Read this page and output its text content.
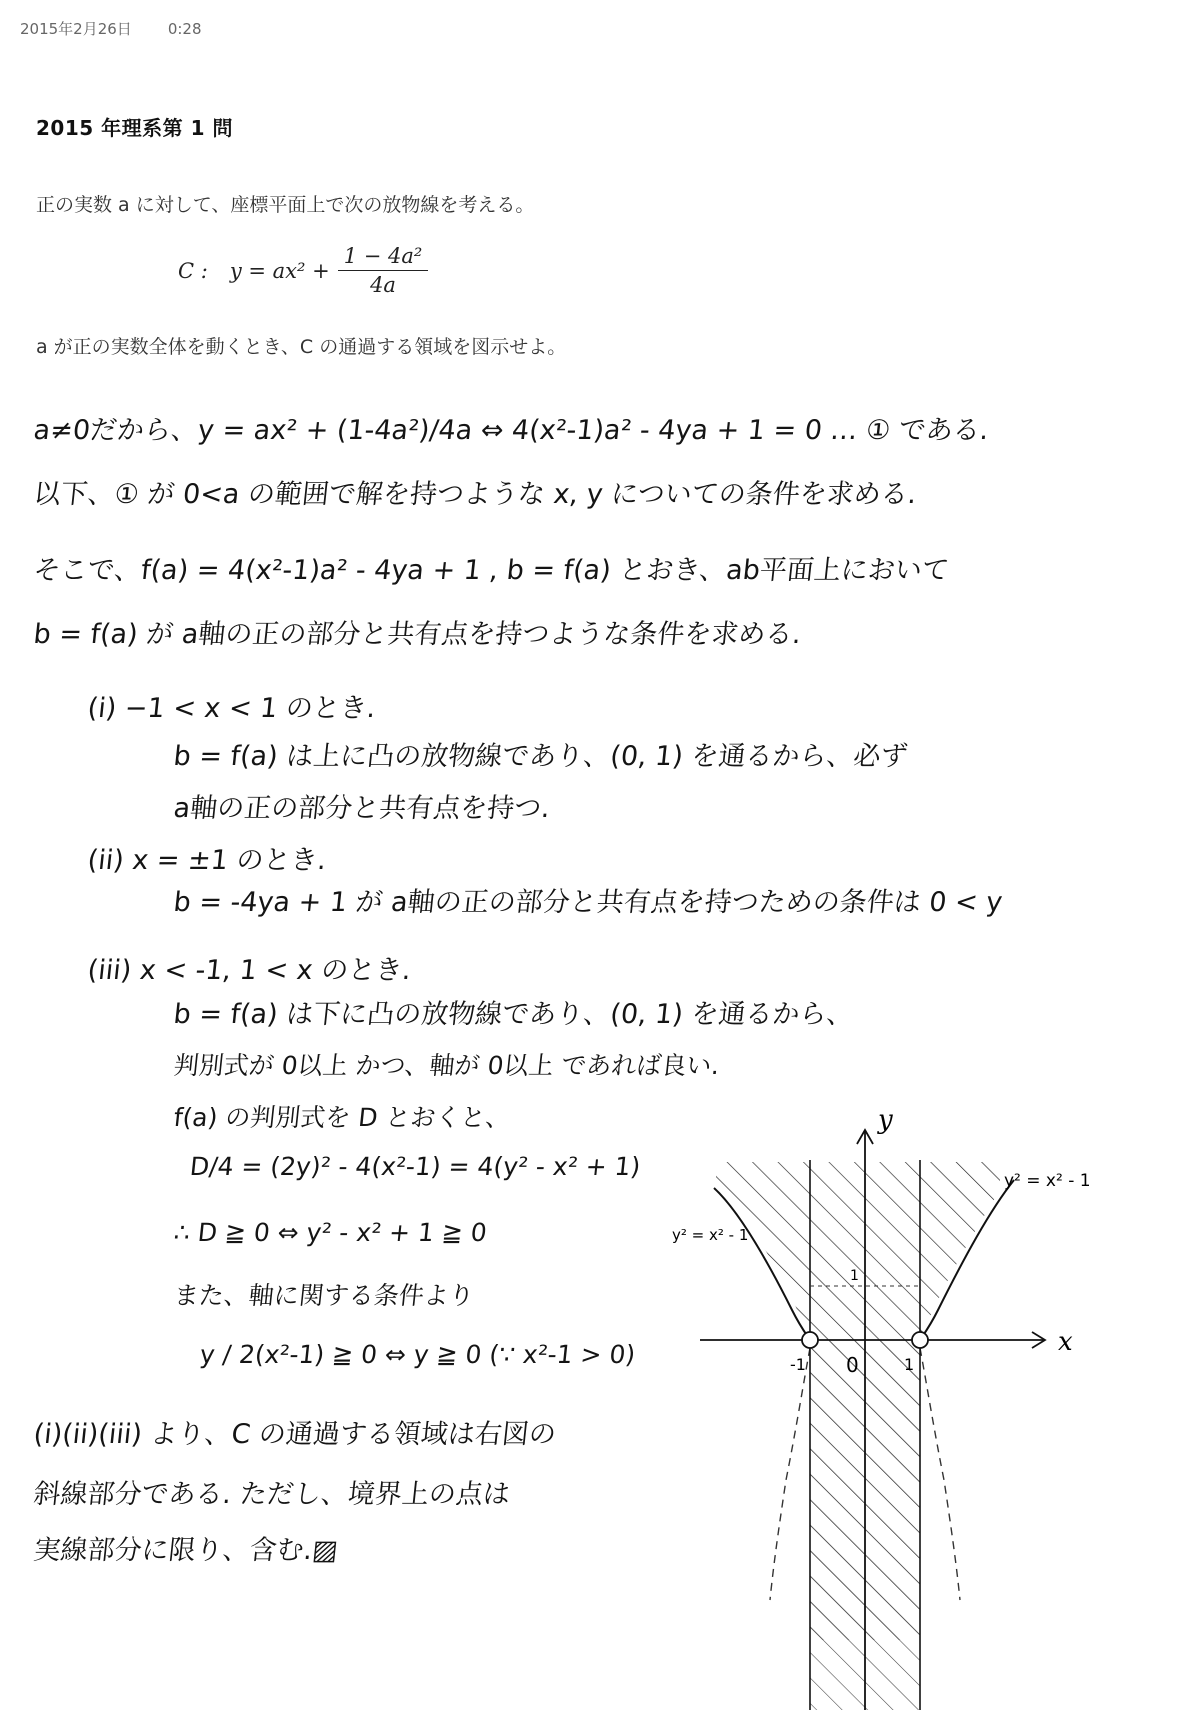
2015年2月26日 0:28
2015 年理系第 1 問
正の実数 a に対して、座標平面上で次の放物線を考える。
C : $y = ax^2 + \frac{\text{1 − 4a²}}{4a}$
a が正の実数全体を動くとき、C の通過する領域を図示せよ。
a≠0だから、y = ax² + (1-4a²)/4a ⇔ 4(x²-1)a² - 4ya + 1 = 0 … ① である.
以下、① が 0<a の範囲で解を持つような x, y についての条件を求める.
そこで、f(a) = 4(x²-1)a² - 4ya + 1 , b = f(a) とおき、ab平面上において
b = f(a) が a軸の正の部分と共有点を持つような条件を求める.
(i) −1 < x < 1 のとき.
b = f(a) は上に凸の放物線であり、(0, 1) を通るから、必ず
a軸の正の部分と共有点を持つ.
(ii) x = ±1 のとき.
b = -4ya + 1 が a軸の正の部分と共有点を持つための条件は 0 < y
(iii) x < -1, 1 < x のとき.
b = f(a) は下に凸の放物線であり、(0, 1) を通るから、
判別式が 0以上 かつ、軸が 0以上 であれば良い.
f(a) の判別式を D とおくと、
D/4 = (2y)² - 4(x²-1) = 4(y² - x² + 1)
∴ D ≧ 0 ⇔ y² - x² + 1 ≧ 0
また、軸に関する条件より
y / 2(x²-1) ≧ 0 ⇔ y ≧ 0 (∵ x²-1 > 0)
(i)(ii)(iii) より、C の通過する領域は右図の
斜線部分である. ただし、境界上の点は
実線部分に限り、含む.▨
y
x
y² = x² - 1
y² = x² - 1
-1 0	1
1
